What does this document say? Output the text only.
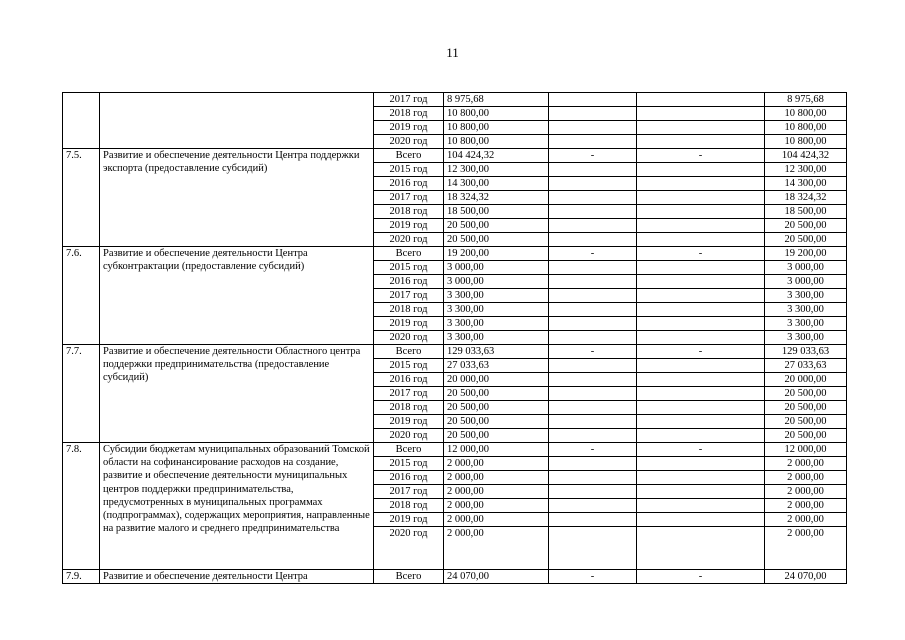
11
		2017 год	8 975,68			8 975,68
		2018 год	10 800,00			10 800,00
		2019 год	10 800,00			10 800,00
		2020 год	10 800,00			10 800,00
7.5.	Развитие и обеспечение деятельности Центра поддержки экспорта (предоставление субсидий)	Всего	104 424,32	-	-	104 424,32
		2015 год	12 300,00			12 300,00
		2016 год	14 300,00			14 300,00
		2017 год	18 324,32			18 324,32
		2018 год	18 500,00			18 500,00
		2019 год	20 500,00			20 500,00
		2020 год	20 500,00			20 500,00
7.6.	Развитие и обеспечение деятельности Центра субконтрактации (предоставление субсидий)	Всего	19 200,00	-	-	19 200,00
		2015 год	3 000,00			3 000,00
		2016 год	3 000,00			3 000,00
		2017 год	3 300,00			3 300,00
		2018 год	3 300,00			3 300,00
		2019 год	3 300,00			3 300,00
		2020 год	3 300,00			3 300,00
7.7.	Развитие и обеспечение деятельности Областного центра поддержки предпринимательства (предоставление субсидий)	Всего	129 033,63	-	-	129 033,63
		2015 год	27 033,63			27 033,63
		2016 год	20 000,00			20 000,00
		2017 год	20 500,00			20 500,00
		2018 год	20 500,00			20 500,00
		2019 год	20 500,00			20 500,00
		2020 год	20 500,00			20 500,00
7.8.	Субсидии бюджетам муниципальных образований Томской области на софинансирование расходов на создание, развитие и обеспечение деятельности муниципальных центров поддержки предпринимательства, предусмотренных в муниципальных программах (подпрограммах), содержащих мероприятия, направленные на развитие малого и среднего предпринимательства	Всего	12 000,00	-	-	12 000,00
		2015 год	2 000,00			2 000,00
		2016 год	2 000,00			2 000,00
		2017 год	2 000,00			2 000,00
		2018 год	2 000,00			2 000,00
		2019 год	2 000,00			2 000,00
		2020 год	2 000,00			2 000,00
7.9.	Развитие и обеспечение деятельности Центра	Всего	24 070,00	-	-	24 070,00
